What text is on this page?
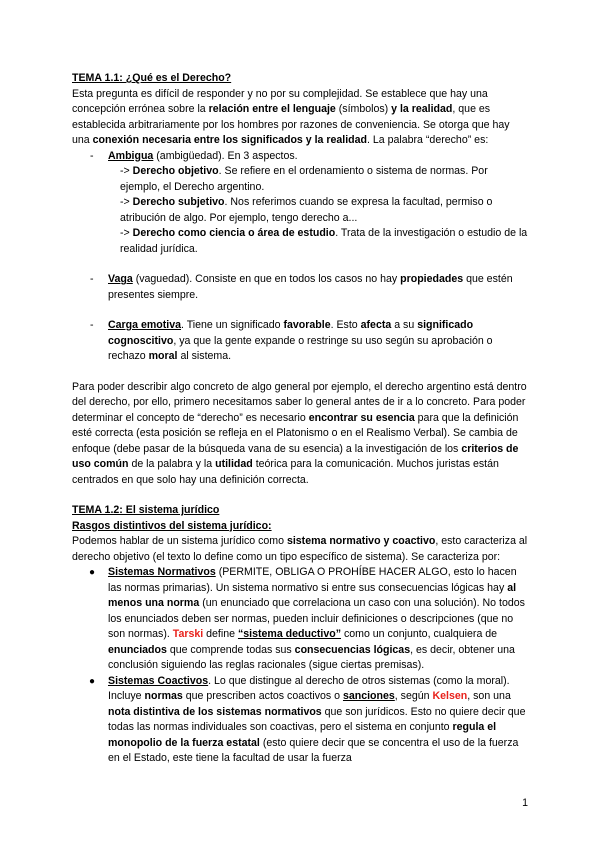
TEMA 1.1: ¿Qué es el Derecho?

Esta pregunta es difícil de responder y no por su complejidad. Se establece que hay una concepción errónea sobre la relación entre el lenguaje (símbolos) y la realidad, que es establecida arbitrariamente por los hombres por razones de conveniencia. Se otorga que hay una conexión necesaria entre los significados y la realidad. La palabra “derecho” es:

- Ambigua (ambigüedad). En 3 aspectos.

-> Derecho objetivo. Se refiere en el ordenamiento o sistema de normas. Por ejemplo, el Derecho argentino.

-> Derecho subjetivo. Nos referimos cuando se expresa la facultad, permiso o atribución de algo. Por ejemplo, tengo derecho a...

-> Derecho como ciencia o área de estudio. Trata de la investigación o estudio de la realidad jurídica.

- Vaga (vaguedad). Consiste en que en todos los casos no hay propiedades que estén presentes siempre.
- Carga emotiva. Tiene un significado favorable. Esto afecta a su significado cognoscitivo, ya que la gente expande o restringe su uso según su aprobación o rechazo moral al sistema.

Para poder describir algo concreto de algo general por ejemplo, el derecho argentino está dentro del derecho, por ello, primero necesitamos saber lo general antes de ir a lo concreto. Para poder determinar el concepto de “derecho” es necesario encontrar su esencia para que la definición esté correcta (esta posición se refleja en el Platonismo o en el Realismo Verbal). Se cambia de enfoque (debe pasar de la búsqueda vana de su esencia) a la investigación de los criterios de uso común de la palabra y la utilidad teórica para la comunicación. Muchos juristas están centrados en que solo hay una definición correcta.

TEMA 1.2: El sistema jurídico

Rasgos distintivos del sistema jurídico:

Podemos hablar de un sistema jurídico como sistema normativo y coactivo, esto caracteriza al derecho objetivo (el texto lo define como un tipo específico de sistema). Se caracteriza por:

● Sistemas Normativos (PERMITE, OBLIGA O PROHÍBE HACER ALGO, esto lo hacen las normas primarias). Un sistema normativo si entre sus consecuencias lógicas hay al menos una norma (un enunciado que correlaciona un caso con una solución). No todos los enunciados deben ser normas, pueden incluir definiciones o descripciones (que no son normas). Tarski define “sistema deductivo” como un conjunto, cualquiera de enunciados que comprende todas sus consecuencias lógicas, es decir, obtener una conclusión siguiendo las reglas racionales (sigue ciertas premisas).
● Sistemas Coactivos. Lo que distingue al derecho de otros sistemas (como la moral). Incluye normas que prescriben actos coactivos o sanciones, según Kelsen, son una nota distintiva de los sistemas normativos que son jurídicos. Esto no quiere decir que todas las normas individuales son coactivas, pero el sistema en conjunto regula el monopolio de la fuerza estatal (esto quiere decir que se concentra el uso de la fuerza en el Estado, este tiene la facultad de usar la fuerza
1
